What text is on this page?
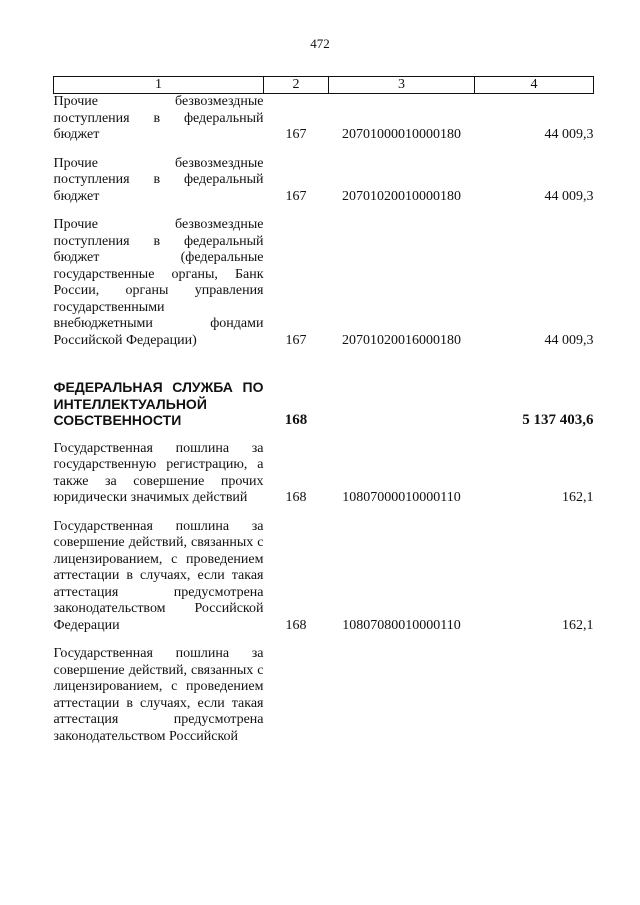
472
1	2	3	4
Прочие безвозмездные поступления в федеральный бюджет	167	20701000010000180	44 009,3
Прочие безвозмездные поступления в федеральный бюджет	167	20701020010000180	44 009,3
Прочие безвозмездные поступления в федеральный бюджет (федеральные государственные органы, Банк России, органы управления государственными внебюджетными фондами Российской Федерации)	167	20701020016000180	44 009,3
ФЕДЕРАЛЬНАЯ СЛУЖБА ПО ИНТЕЛЛЕКТУАЛЬНОЙ СОБСТВЕННОСТИ	168		5 137 403,6
Государственная пошлина за государственную регистрацию, а также за совершение прочих юридически значимых действий	168	10807000010000110	162,1
Государственная пошлина за совершение действий, связанных с лицензированием, с проведением аттестации в случаях, если такая аттестация предусмотрена законодательством Российской Федерации	168	10807080010000110	162,1
Государственная пошлина за совершение действий, связанных с лицензированием, с проведением аттестации в случаях, если такая аттестация предусмотрена законодательством Российской			
